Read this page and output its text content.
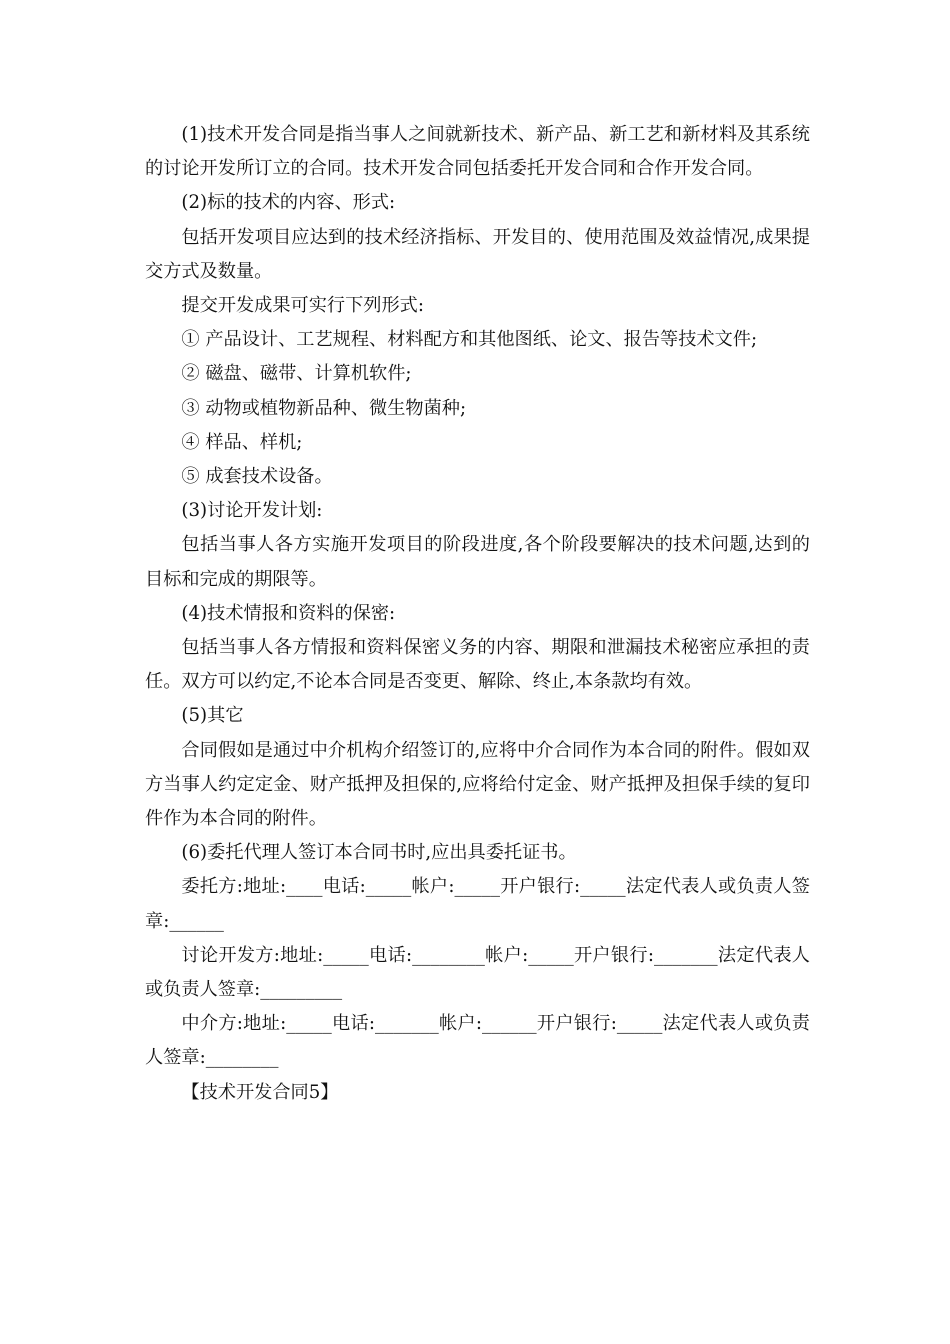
(1)技术开发合同是指当事人之间就新技术、新产品、新工艺和新材料及其系统的讨论开发所订立的合同。技术开发合同包括委托开发合同和合作开发合同。

(2)标的技术的内容、形式:

包括开发项目应达到的技术经济指标、开发目的、使用范围及效益情况,成果提交方式及数量。

提交开发成果可实行下列形式:

① 产品设计、工艺规程、材料配方和其他图纸、论文、报告等技术文件;

② 磁盘、磁带、计算机软件;

③ 动物或植物新品种、微生物菌种;

④ 样品、样机;

⑤ 成套技术设备。

(3)讨论开发计划:

包括当事人各方实施开发项目的阶段进度,各个阶段要解决的技术问题,达到的目标和完成的期限等。

(4)技术情报和资料的保密:

包括当事人各方情报和资料保密义务的内容、期限和泄漏技术秘密应承担的责任。双方可以约定,不论本合同是否变更、解除、终止,本条款均有效。

(5)其它

合同假如是通过中介机构介绍签订的,应将中介合同作为本合同的附件。假如双方当事人约定定金、财产抵押及担保的,应将给付定金、财产抵押及担保手续的复印件作为本合同的附件。

(6)委托代理人签订本合同书时,应出具委托证书。

委托方:地址:____电话:_____帐户:_____开户银行:_____法定代表人或负责人签章:______

讨论开发方:地址:_____电话:________帐户:_____开户银行:_______法定代表人或负责人签章:_________

中介方:地址:_____电话:_______帐户:______开户银行:_____法定代表人或负责人签章:________

【技术开发合同5】
